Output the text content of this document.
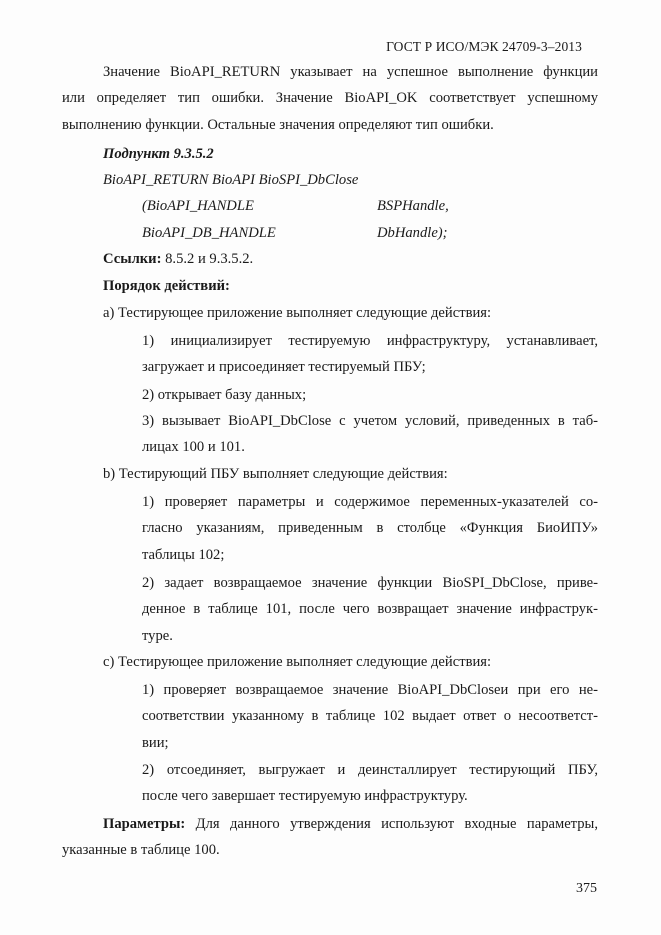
ГОСТ Р ИСО/МЭК 24709-3–2013
Значение BioAPI_RETURN указывает на успешное выполнение функции
или определяет тип ошибки. Значение BioAPI_OK соответствует успешному
выполнению функции. Остальные значения определяют тип ошибки.
Подпункт 9.3.5.2
BioAPI_RETURN BioAPI BioSPI_DbClose
(BioAPI_HANDLE	BSPHandle,
BioAPI_DB_HANDLE	DbHandle);
Ссылки: 8.5.2 и 9.3.5.2.
Порядок действий:
а) Тестирующее приложение выполняет следующие действия:
1) инициализирует тестируемую инфраструктуру, устанавливает,
загружает и присоединяет тестируемый ПБУ;
2) открывает базу данных;
3) вызывает BioAPI_DbClose с учетом условий, приведенных в таб-
лицах 100 и 101.
b) Тестирующий ПБУ выполняет следующие действия:
1) проверяет параметры и содержимое переменных-указателей со-
гласно указаниям, приведенным в столбце «Функция БиоИПУ»
таблицы 102;
2) задает возвращаемое значение функции BioSPI_DbClose, приве-
денное в таблице 101, после чего возвращает значение инфраструк-
туре.
с) Тестирующее приложение выполняет следующие действия:
1) проверяет возвращаемое значение BioAPI_DbCloseи при его не-
соответствии указанному в таблице 102 выдает ответ о несоответст-
вии;
2) отсоединяет, выгружает и деинсталлирует тестирующий ПБУ,
после чего завершает тестируемую инфраструктуру.
Параметры: Для данного утверждения используют входные параметры,
указанные в таблице 100.
375
